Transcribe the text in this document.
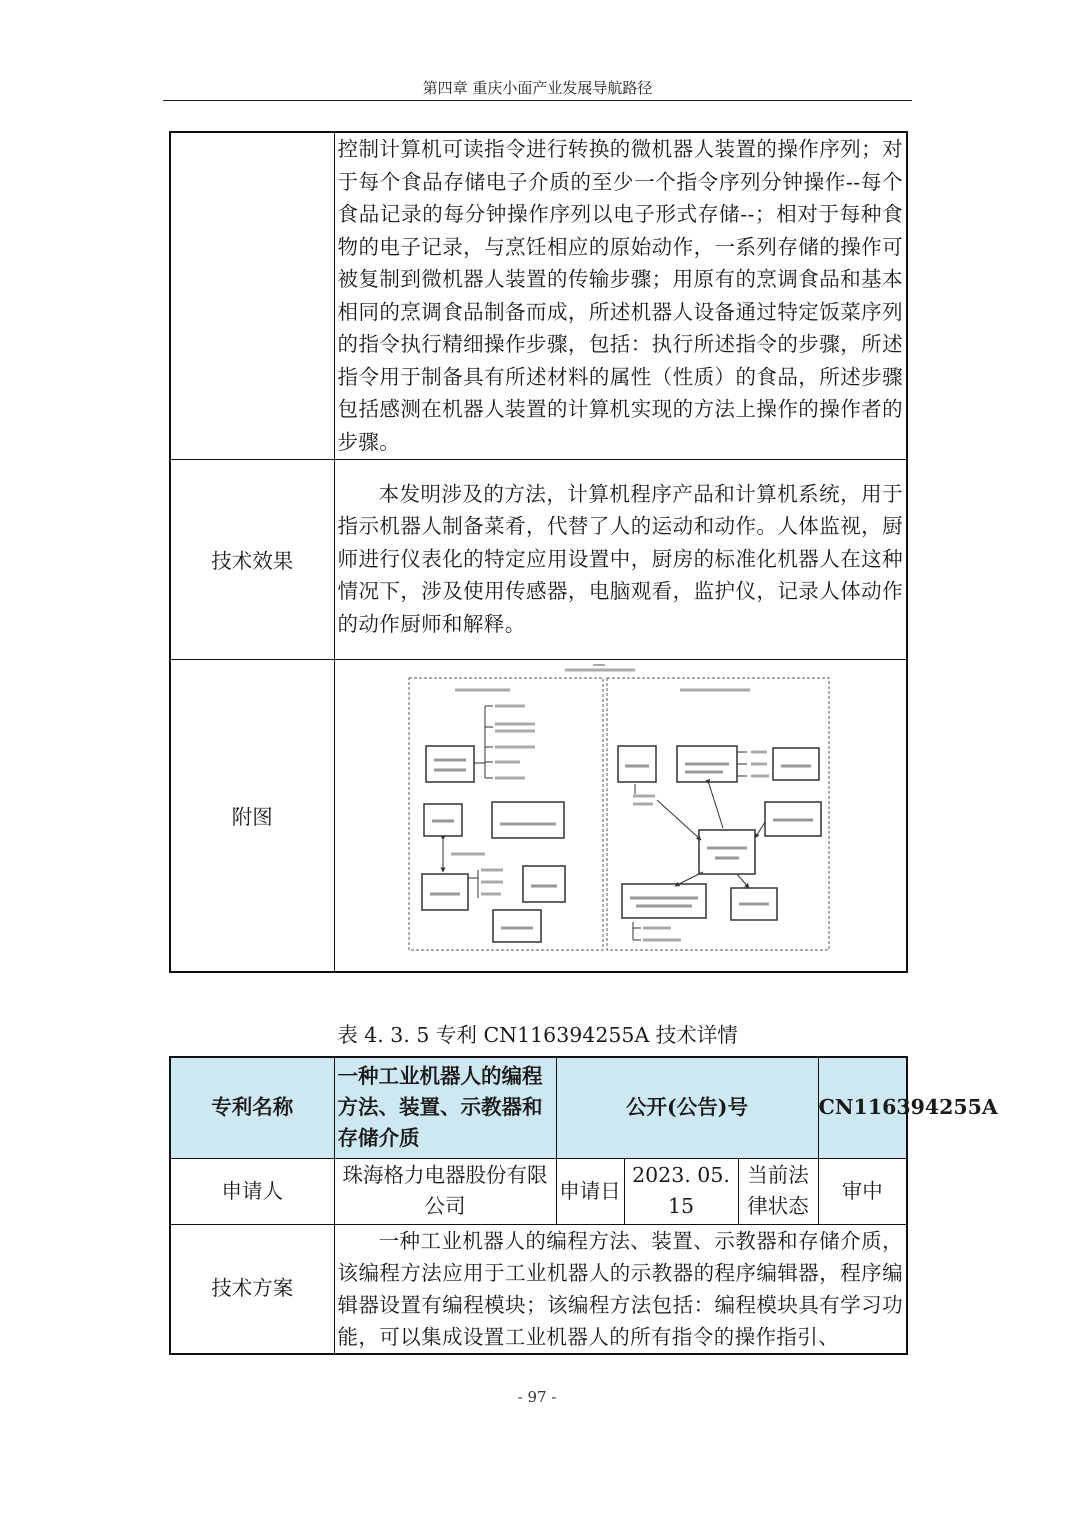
第四章 重庆小面产业发展导航路径

	控制计算机可读指令进行转换的微机器人装置的操作序列；对于每个食品存储电子介质的至少一个指令序列分钟操作--每个食品记录的每分钟操作序列以电子形式存储--；相对于每种食物的电子记录，与烹饪相应的原始动作，一系列存储的操作可被复制到微机器人装置的传输步骤；用原有的烹调食品和基本相同的烹调食品制备而成，所述机器人设备通过特定饭菜序列的指令执行精细操作步骤，包括：执行所述指令的步骤，所述指令用于制备具有所述材料的属性（性质）的食品，所述步骤包括感测在机器人装置的计算机实现的方法上操作的操作者的步骤。

技术效果	本发明涉及的方法，计算机程序产品和计算机系统，用于指示机器人制备菜肴，代替了人的运动和动作。人体监视，厨师进行仪表化的特定应用设置中，厨房的标准化机器人在这种情况下，涉及使用传感器，电脑观看，监护仪，记录人体动作的动作厨师和解释。

附图	
表 4. 3. 5 专利 CN116394255A 技术详情
专利名称	一种工业机器人的编程方法、装置、示教器和存储介质	公开(公告)号			CN116394255A
申请人	珠海格力电器股份有限公司	申请日	2023. 05. 15	当前法律状态	审中
技术方案	一种工业机器人的编程方法、装置、示教器和存储介质，该编程方法应用于工业机器人的示教器的程序编辑器，程序编辑器设置有编程模块；该编程方法包括：编程模块具有学习功能，可以集成设置工业机器人的所有指令的操作指引、				
- 97 -
